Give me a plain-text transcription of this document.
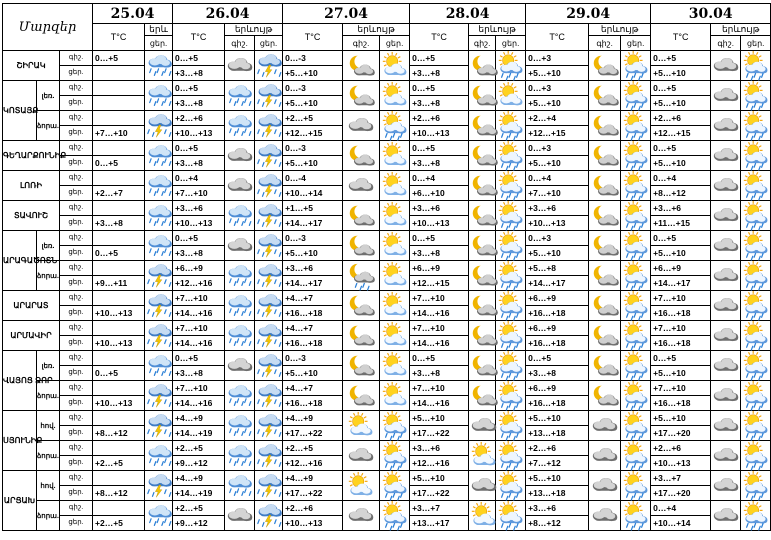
Մարզեր			25.04		26.04			27.04			28.04			29.04			30.04		
			T°C	երև	T°C	երևույթ		T°C	երևույթ		T°C	երևույթ		T°C	երևույթ		T°C	երևույթ	
				ցեր.		գիշ.	ցեր.		գիշ.	ցեր.		գիշ.	ցեր.		գիշ.	ցեր.		գիշ.	ցեր.
ՇԻՐԱԿ		գիշ.	0…+5		0…+5			0…-3			0…+5			0…+3			0…+5	

		ցեր.			+3…+8			+5…+10			+3…+8			+5…+10			+5…+10		
ԿՈՏԱՅՔ	լեռ.	գիշ.			0…+5			0…-3			0…+5			0…+3			0…+5	

		ցեր.			+3…+8			+5…+10			+3…+8			+5…+10			+5…+10		
	ձորա.	գիշ.			+2…+6			+2…+5			+2…+6			+2…+4			+2…+6	

		ցեր.	+7…+10		+10…+13			+12…+15			+10…+13			+12…+15			+12…+15		
ԳԵՂԱՐՔՈՒՆԻՔ		գիշ.			0…+5			0…-3			0…+5			0…+3			0…+5	

		ցեր.	0…+5		+3…+8			+5…+10			+3…+8			+5…+10			+5…+10		
ԼՈՌԻ		գիշ.			0…+4			0…-4			0…+4			0…+4			0…+4	

		ցեր.	+2…+7		+7…+10			+10…+14			+6…+10			+7…+10			+8…+12		
ՏԱՎՈՒՇ		գիշ.			+3…+6			+1…+5			+3…+6			+3…+6			+3…+6	

		ցեր.	+3…+8		+10…+13			+14…+17			+10…+13			+10…+13			+11…+15		
ԱՐԱԳԱԾՈՏՆ	լեռ.	գիշ.			0…+5			0…-3			0…+5			0…+3			0…+5	

		ցեր.	0…+5		+3…+8			+5…+10			+3…+8			+5…+10			+5…+10		
	ձորա.	գիշ.			+6…+9			+3…+6			+6…+9			+5…+8			+6…+9	

		ցեր.	+9…+11		+12…+16			+14…+17			+12…+15			+14…+17			+14…+17		
ԱՐԱՐԱՏ		գիշ.			+7…+10			+4…+7			+7…+10			+6…+9			+7…+10	

		ցեր.	+10…+13		+14…+16			+16…+18			+14…+16			+16…+18			+16…+18		
ԱՐՄԱՎԻՐ		գիշ.			+7…+10			+4…+7			+7…+10			+6…+9			+7…+10	

		ցեր.	+10…+13		+14…+16			+16…+18			+14…+16			+16…+18			+16…+18		
ՎԱՅՈՑ ՁՈՐ	լեռ.	գիշ.			0…+5			0…-3			0…+5			0…+5			0…+5	

		ցեր.	0…+5		+3…+8			+5…+10			+3…+8			+3…+8			+5…+10		
	ձորա.	գիշ.			+7…+10			+4…+7			+7…+10			+6…+9			+7…+10	

		ցեր.	+10…+13		+14…+16			+16…+18			+14…+16			+16…+18			+16…+18		
ՍՅՈՒՆԻՔ	հով.	գիշ.			+4…+9			+4…+9			+5…+10			+5…+10			+5…+10	

		ցեր.	+8…+12		+14…+19			+17…+22			+17…+22			+13…+18			+17…+20		
	ձորա.	գիշ.			+2…+5			+2…+5			+3…+6			+2…+6			+2…+6	

		ցեր.	+2…+5		+9…+12			+12…+16			+12…+16			+7…+12			+10…+13		
ԱՐՑԱԽ	հով.	գիշ.			+4…+9			+4…+9			+5…+10			+5…+10			+3…+7	

		ցեր.	+8…+12		+14…+19			+17…+22			+17…+22			+13…+18			+17…+20		
	ձորա.	գիշ.			+2…+5			+2…+6			+3…+7			+3…+6			0…+4	

		ցեր.	+2…+5		+9…+12			+10…+13			+13…+17			+8…+12			+10…+14		
